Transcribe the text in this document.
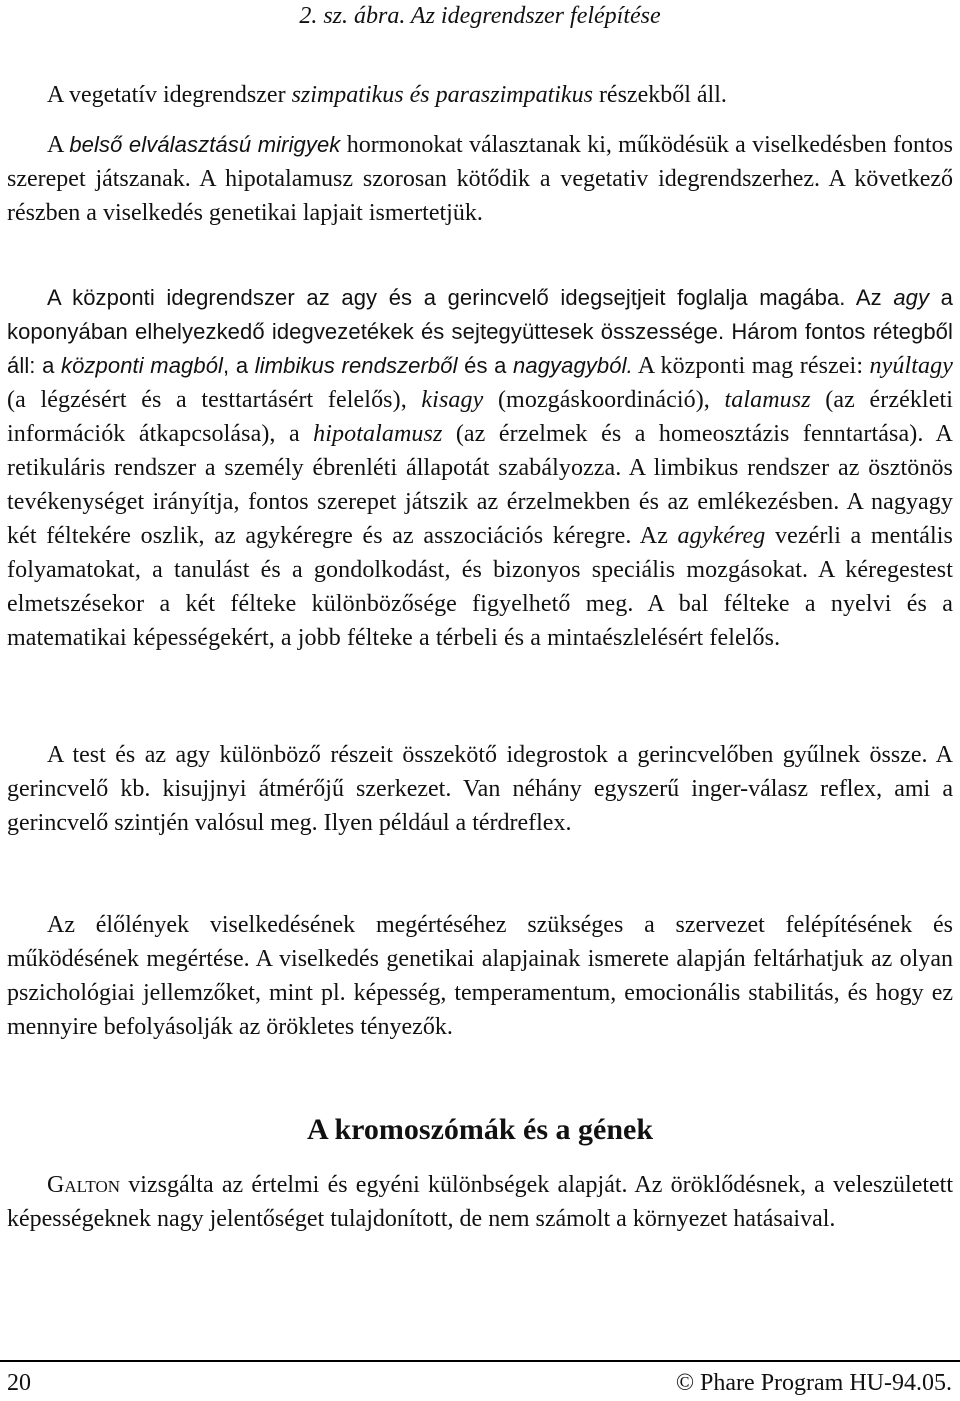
2. sz. ábra. Az idegrendszer felépítése

A vegetatív idegrendszer szimpatikus és paraszimpatikus részekből áll.

A belső elválasztású mirigyek hormonokat választanak ki, működésük a viselkedésben fontos szerepet játszanak. A hipotalamusz szorosan kötődik a vegetativ idegrendszerhez. A következő részben a viselkedés genetikai lapjait ismertetjük.

A központi idegrendszer az agy és a gerincvelő idegsejtjeit foglalja magába. Az agy a koponyában elhelyezkedő idegvezetékek és sejtegyüttesek összessége. Három fontos rétegből áll: a központi magból, a limbikus rendszerből és a nagyagyból. A központi mag részei: nyúltagy (a légzésért és a testtartásért felelős), kisagy (mozgáskoordináció), talamusz (az érzékleti információk átkapcsolása), a hipotalamusz (az érzelmek és a homeosztázis fenntartása). A retikuláris rendszer a személy ébrenléti állapotát szabályozza. A limbikus rendszer az ösztönös tevékenységet irányítja, fontos szerepet játszik az érzelmekben és az emlékezésben. A nagyagy két féltekére oszlik, az agykéregre és az asszociációs kéregre. Az agykéreg vezérli a mentális folyamatokat, a tanulást és a gondolkodást, és bizonyos speciális mozgásokat. A kéregestest elmetszésekor a két félteke különbözősége figyelhető meg. A bal félteke a nyelvi és a matematikai képességekért, a jobb félteke a térbeli és a mintaészlelésért felelős.

A test és az agy különböző részeit összekötő idegrostok a gerincvelőben gyűlnek össze. A gerincvelő kb. kisujjnyi átmérőjű szerkezet. Van néhány egyszerű inger-válasz reflex, ami a gerincvelő szintjén valósul meg. Ilyen például a térdreflex.

Az élőlények viselkedésének megértéséhez szükséges a szervezet felépítésének és működésének megértése. A viselkedés genetikai alapjainak ismerete alapján feltárhatjuk az olyan pszichológiai jellemzőket, mint pl. képesség, temperamentum, emocionális stabilitás, és hogy ez mennyire befolyásolják az örökletes tényezők.

A kromoszómák és a gének

Galton vizsgálta az értelmi és egyéni különbségek alapját. Az öröklődésnek, a veleszületett képességeknek nagy jelentőséget tulajdonított, de nem számolt a környezet hatásaival.

20	© Phare Program HU-94.05.
